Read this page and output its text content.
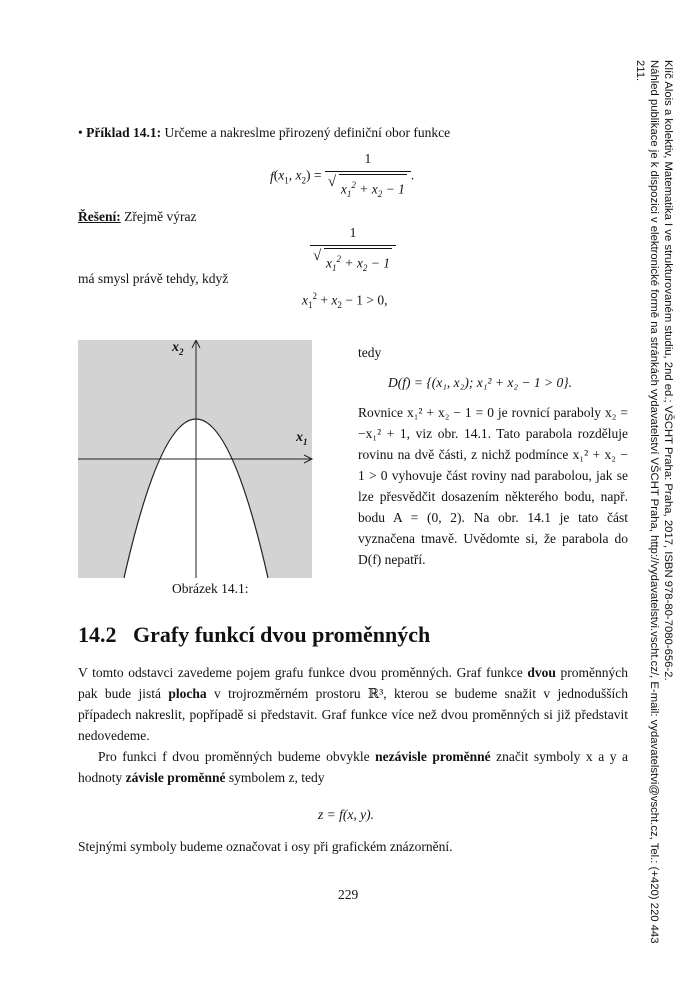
Klíč Alois a kolektiv, Matematika I ve strukturovaném studiu, 2nd ed.; VŠCHT Praha: Praha, 2017, ISBN 978-80-7080-656-2.
Náhled publikace je k dispozici v elektronické formě na stránkách vydavatelství VŠCHT Praha, http://vydavatelstvi.vscht.cz/, E-mail: vydavatelstvi@vscht.cz, Tel.: (+420) 220 443 211.
• Příklad 14.1: Určeme a nakreslme přirozený definiční obor funkce
$f(x_1$, $x_2) = 1$
√ $x_1^2 + x_2 - 1$ .
Řešení: Zřejmě výraz
1
√ $x_1^2 + x_2 - 1$
má smysl právě tehdy, když
$x_1^2 + x_2 - 1 > 0$,
$x_1$
$x_2$
Obrázek 14.1:
tedy
D(f) = {(x₁, x₂); x₁² + x₂ − 1 > 0}.
Rovnice x₁² + x₂ − 1 = 0 je rovnicí paraboly x₂ = −x₁² + 1, viz obr. 14.1. Tato parabola rozděluje rovinu na dvě části, z nichž podmínce x₁² + x₂ − 1 > 0 vyhovuje část roviny nad parabolou, jak se lze přesvědčit dosazením některého bodu, např. bodu A = (0, 2). Na obr. 14.1 je tato část vyznačena tmavě. Uvědomte si, že parabola do D(f) nepatří.
14.2 Grafy funkcí dvou proměnných
V tomto odstavci zavedeme pojem grafu funkce dvou proměnných. Graf funkce dvou proměnných pak bude jistá plocha v trojrozměrném prostoru ℝ³, kterou se budeme snažit v jednodušších případech nakreslit, popřípadě si představit. Graf funkce více než dvou proměnných si již představit nedovedeme.
Pro funkci f dvou proměnných budeme obvykle nezávisle proměnné značit symboly x a y a hodnoty závisle proměnné symbolem z, tedy
z = f(x, y).
Stejnými symboly budeme označovat i osy při grafickém znázornění.
229
